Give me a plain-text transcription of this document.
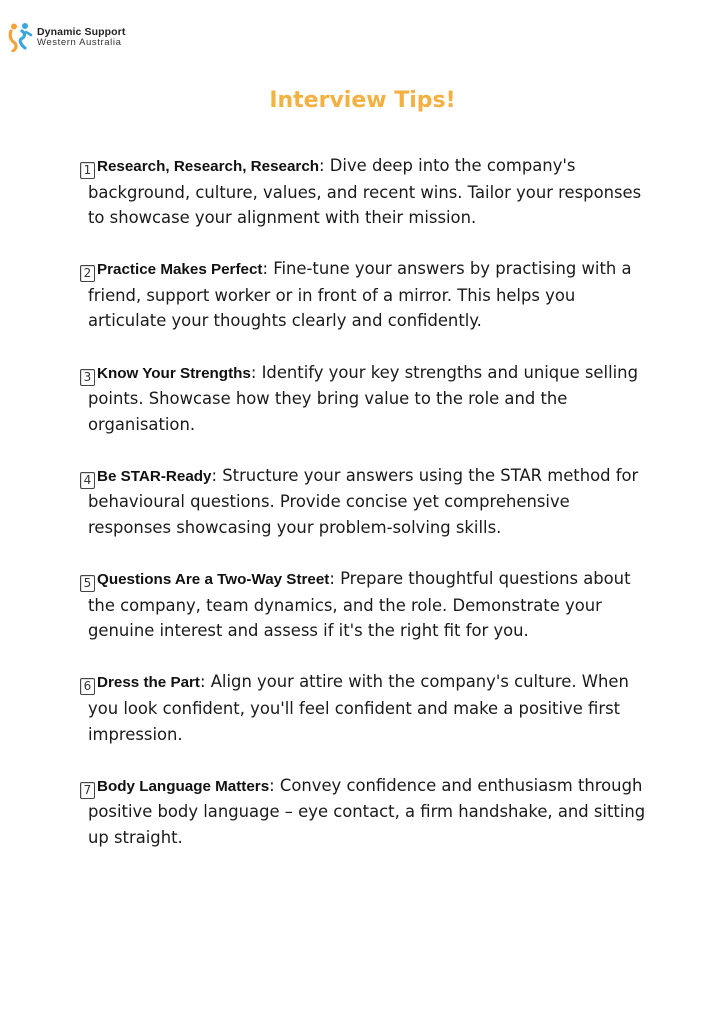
Dynamic Support
Western Australia
Interview Tips!
1 Research, Research, Research: Dive deep into the company's background, culture, values, and recent wins. Tailor your responses to showcase your alignment with their mission.
2 Practice Makes Perfect: Fine-tune your answers by practising with a friend, support worker or in front of a mirror. This helps you articulate your thoughts clearly and confidently.
3 Know Your Strengths: Identify your key strengths and unique selling points. Showcase how they bring value to the role and the organisation.
4 Be STAR-Ready: Structure your answers using the STAR method for behavioural questions. Provide concise yet comprehensive responses showcasing your problem-solving skills.
5 Questions Are a Two-Way Street: Prepare thoughtful questions about the company, team dynamics, and the role. Demonstrate your genuine interest and assess if it's the right fit for you.
6 Dress the Part: Align your attire with the company's culture. When you look confident, you'll feel confident and make a positive first impression.
7 Body Language Matters: Convey confidence and enthusiasm through positive body language – eye contact, a firm handshake, and sitting up straight.
